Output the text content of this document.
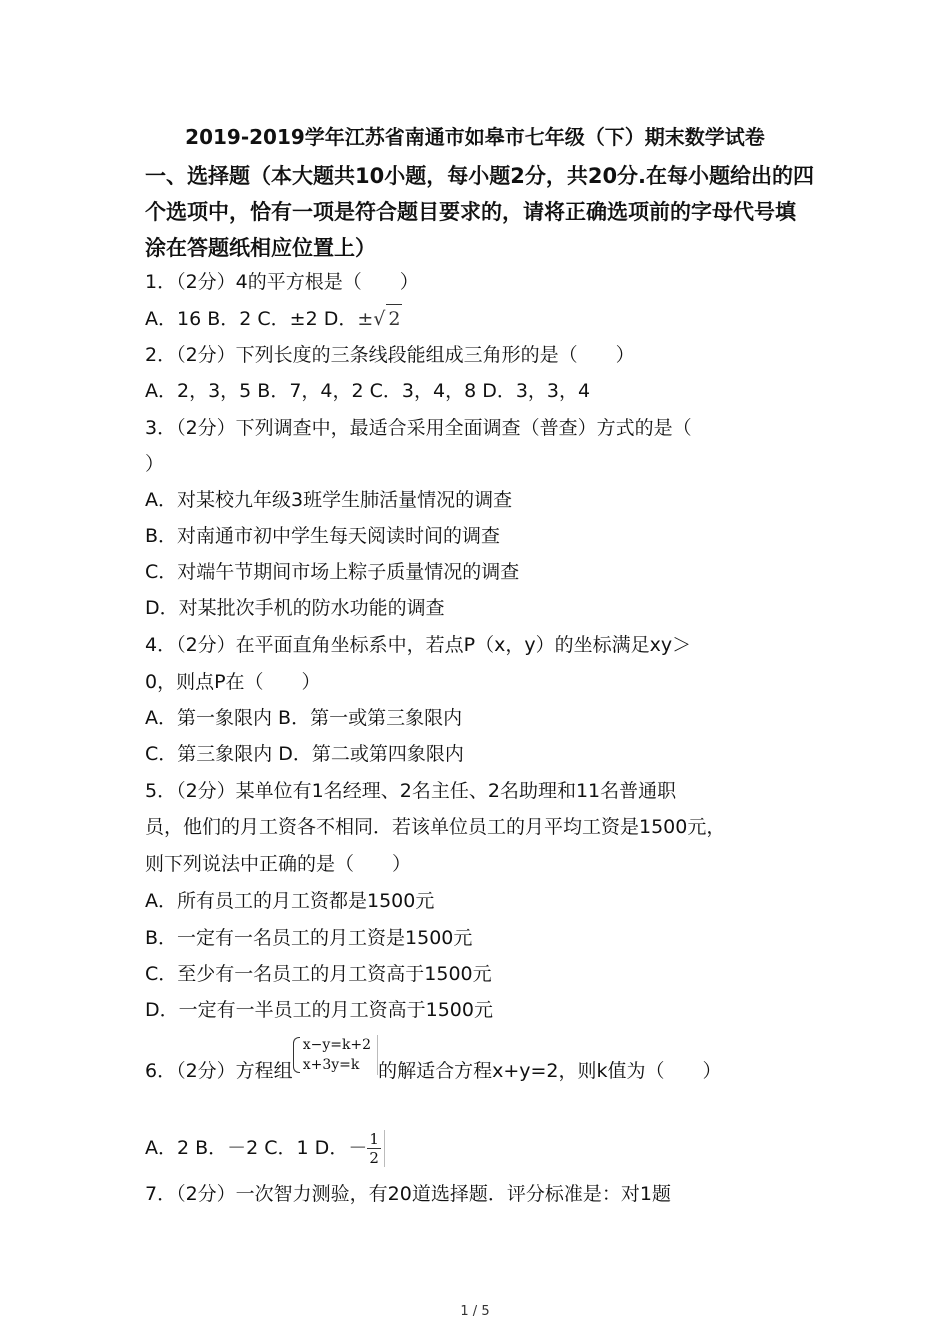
2019-2019学年江苏省南通市如皋市七年级（下）期末数学试卷
一、选择题（本大题共10小题，每小题2分，共20分.在每小题给出的四个选项中，恰有一项是符合题目要求的，请将正确选项前的字母代号填涂在答题纸相应位置上）
1．（2分）4的平方根是（　　）
A．16 B．2 C．±2 D．±√ 2
2．（2分）下列长度的三条线段能组成三角形的是（　　）
A．2，3，5 B．7，4，2 C．3，4，8 D．3，3，4
3．（2分）下列调查中，最适合采用全面调查（普查）方式的是（
）
A．对某校九年级3班学生肺活量情况的调查
B．对南通市初中学生每天阅读时间的调查
C．对端午节期间市场上粽子质量情况的调查
D．对某批次手机的防水功能的调查
4．（2分）在平面直角坐标系中，若点P（x，y）的坐标满足xy＞
0，则点P在（　　）
A．第一象限内 B．第一或第三象限内
C．第三象限内 D．第二或第四象限内
5．（2分）某单位有1名经理、2名主任、2名助理和11名普通职
员，他们的月工资各不相同．若该单位员工的月平均工资是1500元，
则下列说法中正确的是（　　）
A．所有员工的月工资都是1500元
B．一定有一名员工的月工资是1500元
C．至少有一名员工的月工资高于1500元
D．一定有一半员工的月工资高于1500元
6．（2分）方程组
x−y=k+2
x+3y=k 的解适合方程x+y=2，则k值为（　　）
A．2 B．－2 C．1 D．－ $\frac{1}{2}$
7．（2分）一次智力测验，有20道选择题．评分标准是：对1题
1 / 5
